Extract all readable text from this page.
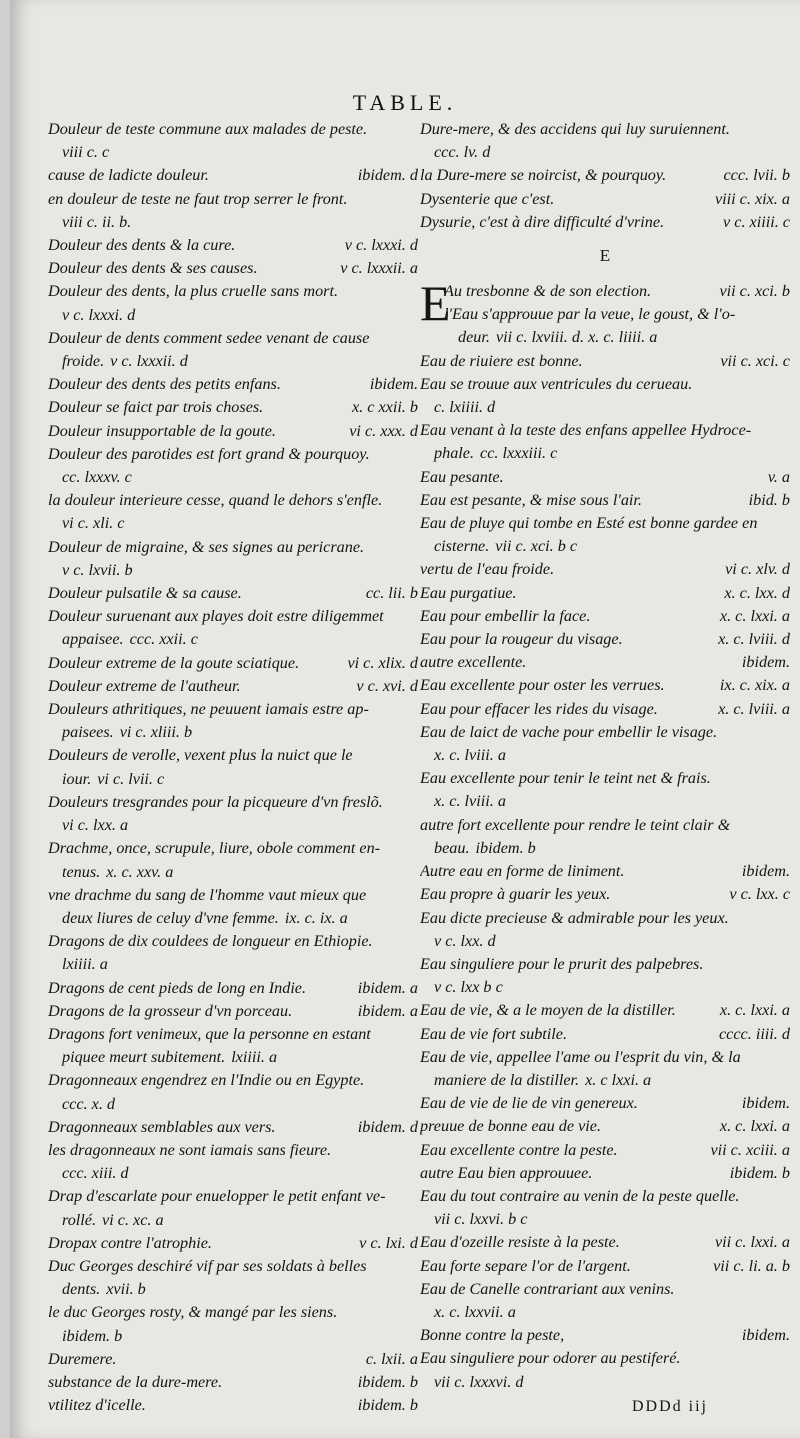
TABLE.
Douleur de teste commune aux malades de peste.
viii c. c
cause de ladicte douleur.	ibidem. d
en douleur de teste ne faut trop serrer le front.
viii c. ii. b.
Douleur des dents & la cure.	v c. lxxxi. d
Douleur des dents & ses causes.	v c. lxxxii. a
Douleur des dents, la plus cruelle sans mort.
v c. lxxxi. d
Douleur de dents comment sedee venant de cause
froide. v c. lxxxii. d
Douleur des dents des petits enfans.	ibidem.
Douleur se faict par trois choses.	x. c xxii. b
Douleur insupportable de la goute.	vi c. xxx. d
Douleur des parotides est fort grand & pourquoy.
cc. lxxxv. c
la douleur interieure cesse, quand le dehors s'enfle.
vi c. xli. c
Douleur de migraine, & ses signes au pericrane.
v c. lxvii. b
Douleur pulsatile & sa cause.	cc. lii. b
Douleur suruenant aux playes doit estre diligemmet
appaisee. ccc. xxii. c
Douleur extreme de la goute sciatique.	vi c. xlix. d
Douleur extreme de l'autheur.	v c. xvi. d
Douleurs athritiques, ne peuuent iamais estre ap-
paisees. vi c. xliii. b
Douleurs de verolle, vexent plus la nuict que le
iour. vi c. lvii. c
Douleurs tresgrandes pour la picqueure d'vn freslõ.
vi c. lxx. a
Drachme, once, scrupule, liure, obole comment en-
tenus. x. c. xxv. a
vne drachme du sang de l'homme vaut mieux que
deux liures de celuy d'vne femme. ix. c. ix. a
Dragons de dix couldees de longueur en Ethiopie.
lxiiii. a
Dragons de cent pieds de long en Indie.	ibidem. a
Dragons de la grosseur d'vn porceau.	ibidem. a
Dragons fort venimeux, que la personne en estant
piquee meurt subitement. lxiiii. a
Dragonneaux engendrez en l'Indie ou en Egypte.
ccc. x. d
Dragonneaux semblables aux vers.	ibidem. d
les dragonneaux ne sont iamais sans fieure.
ccc. xiii. d
Drap d'escarlate pour enuelopper le petit enfant ve-
rollé. vi c. xc. a
Dropax contre l'atrophie.	v c. lxi. d
Duc Georges deschiré vif par ses soldats à belles
dents. xvii. b
le duc Georges rosty, & mangé par les siens.
ibidem. b
Duremere.	c. lxii. a
substance de la dure-mere.	ibidem. b
vtilitez d'icelle.	ibidem. b
Dure-mere, & des accidens qui luy suruiennent.
ccc. lv. d
la Dure-mere se noircist, & pourquoy.	ccc. lvii. b
Dysenterie que c'est.	viii c. xix. a
Dysurie, c'est à dire difficulté d'vrine.	v c. xiiii. c
E
E
Au tresbonne & de son election.	vii c. xci. b
l'Eau s'approuue par la veue, le goust, & l'o-
deur. vii c. lxviii. d. x. c. liiii. a
Eau de riuiere est bonne.	vii c. xci. c
Eau se trouue aux ventricules du cerueau.
c. lxiiii. d
Eau venant à la teste des enfans appellee Hydroce-
phale. cc. lxxxiii. c
Eau pesante.	v. a
Eau est pesante, & mise sous l'air.	ibid. b
Eau de pluye qui tombe en Esté est bonne gardee en
cisterne. vii c. xci. b c
vertu de l'eau froide.	vi c. xlv. d
Eau purgatiue.	x. c. lxx. d
Eau pour embellir la face.	x. c. lxxi. a
Eau pour la rougeur du visage.	x. c. lviii. d
autre excellente.	ibidem.
Eau excellente pour oster les verrues.	ix. c. xix. a
Eau pour effacer les rides du visage.	x. c. lviii. a
Eau de laict de vache pour embellir le visage.
x. c. lviii. a
Eau excellente pour tenir le teint net & frais.
x. c. lviii. a
autre fort excellente pour rendre le teint clair &
beau. ibidem. b
Autre eau en forme de liniment.	ibidem.
Eau propre à guarir les yeux.	v c. lxx. c
Eau dicte precieuse & admirable pour les yeux.
v c. lxx. d
Eau singuliere pour le prurit des palpebres.
v c. lxx b c
Eau de vie, & a le moyen de la distiller.	x. c. lxxi. a
Eau de vie fort subtile.	cccc. iiii. d
Eau de vie, appellee l'ame ou l'esprit du vin, & la
maniere de la distiller. x. c lxxi. a
Eau de vie de lie de vin genereux.	ibidem.
preuue de bonne eau de vie.	x. c. lxxi. a
Eau excellente contre la peste.	vii c. xciii. a
autre Eau bien approuuee.	ibidem. b
Eau du tout contraire au venin de la peste quelle.
vii c. lxxvi. b c
Eau d'ozeille resiste à la peste.	vii c. lxxi. a
Eau forte separe l'or de l'argent.	vii c. li. a. b
Eau de Canelle contrariant aux venins.
x. c. lxxvii. a
Bonne contre la peste,	ibidem.
Eau singuliere pour odorer au pestiferé.
vii c. lxxxvi. d
DDDd iij
